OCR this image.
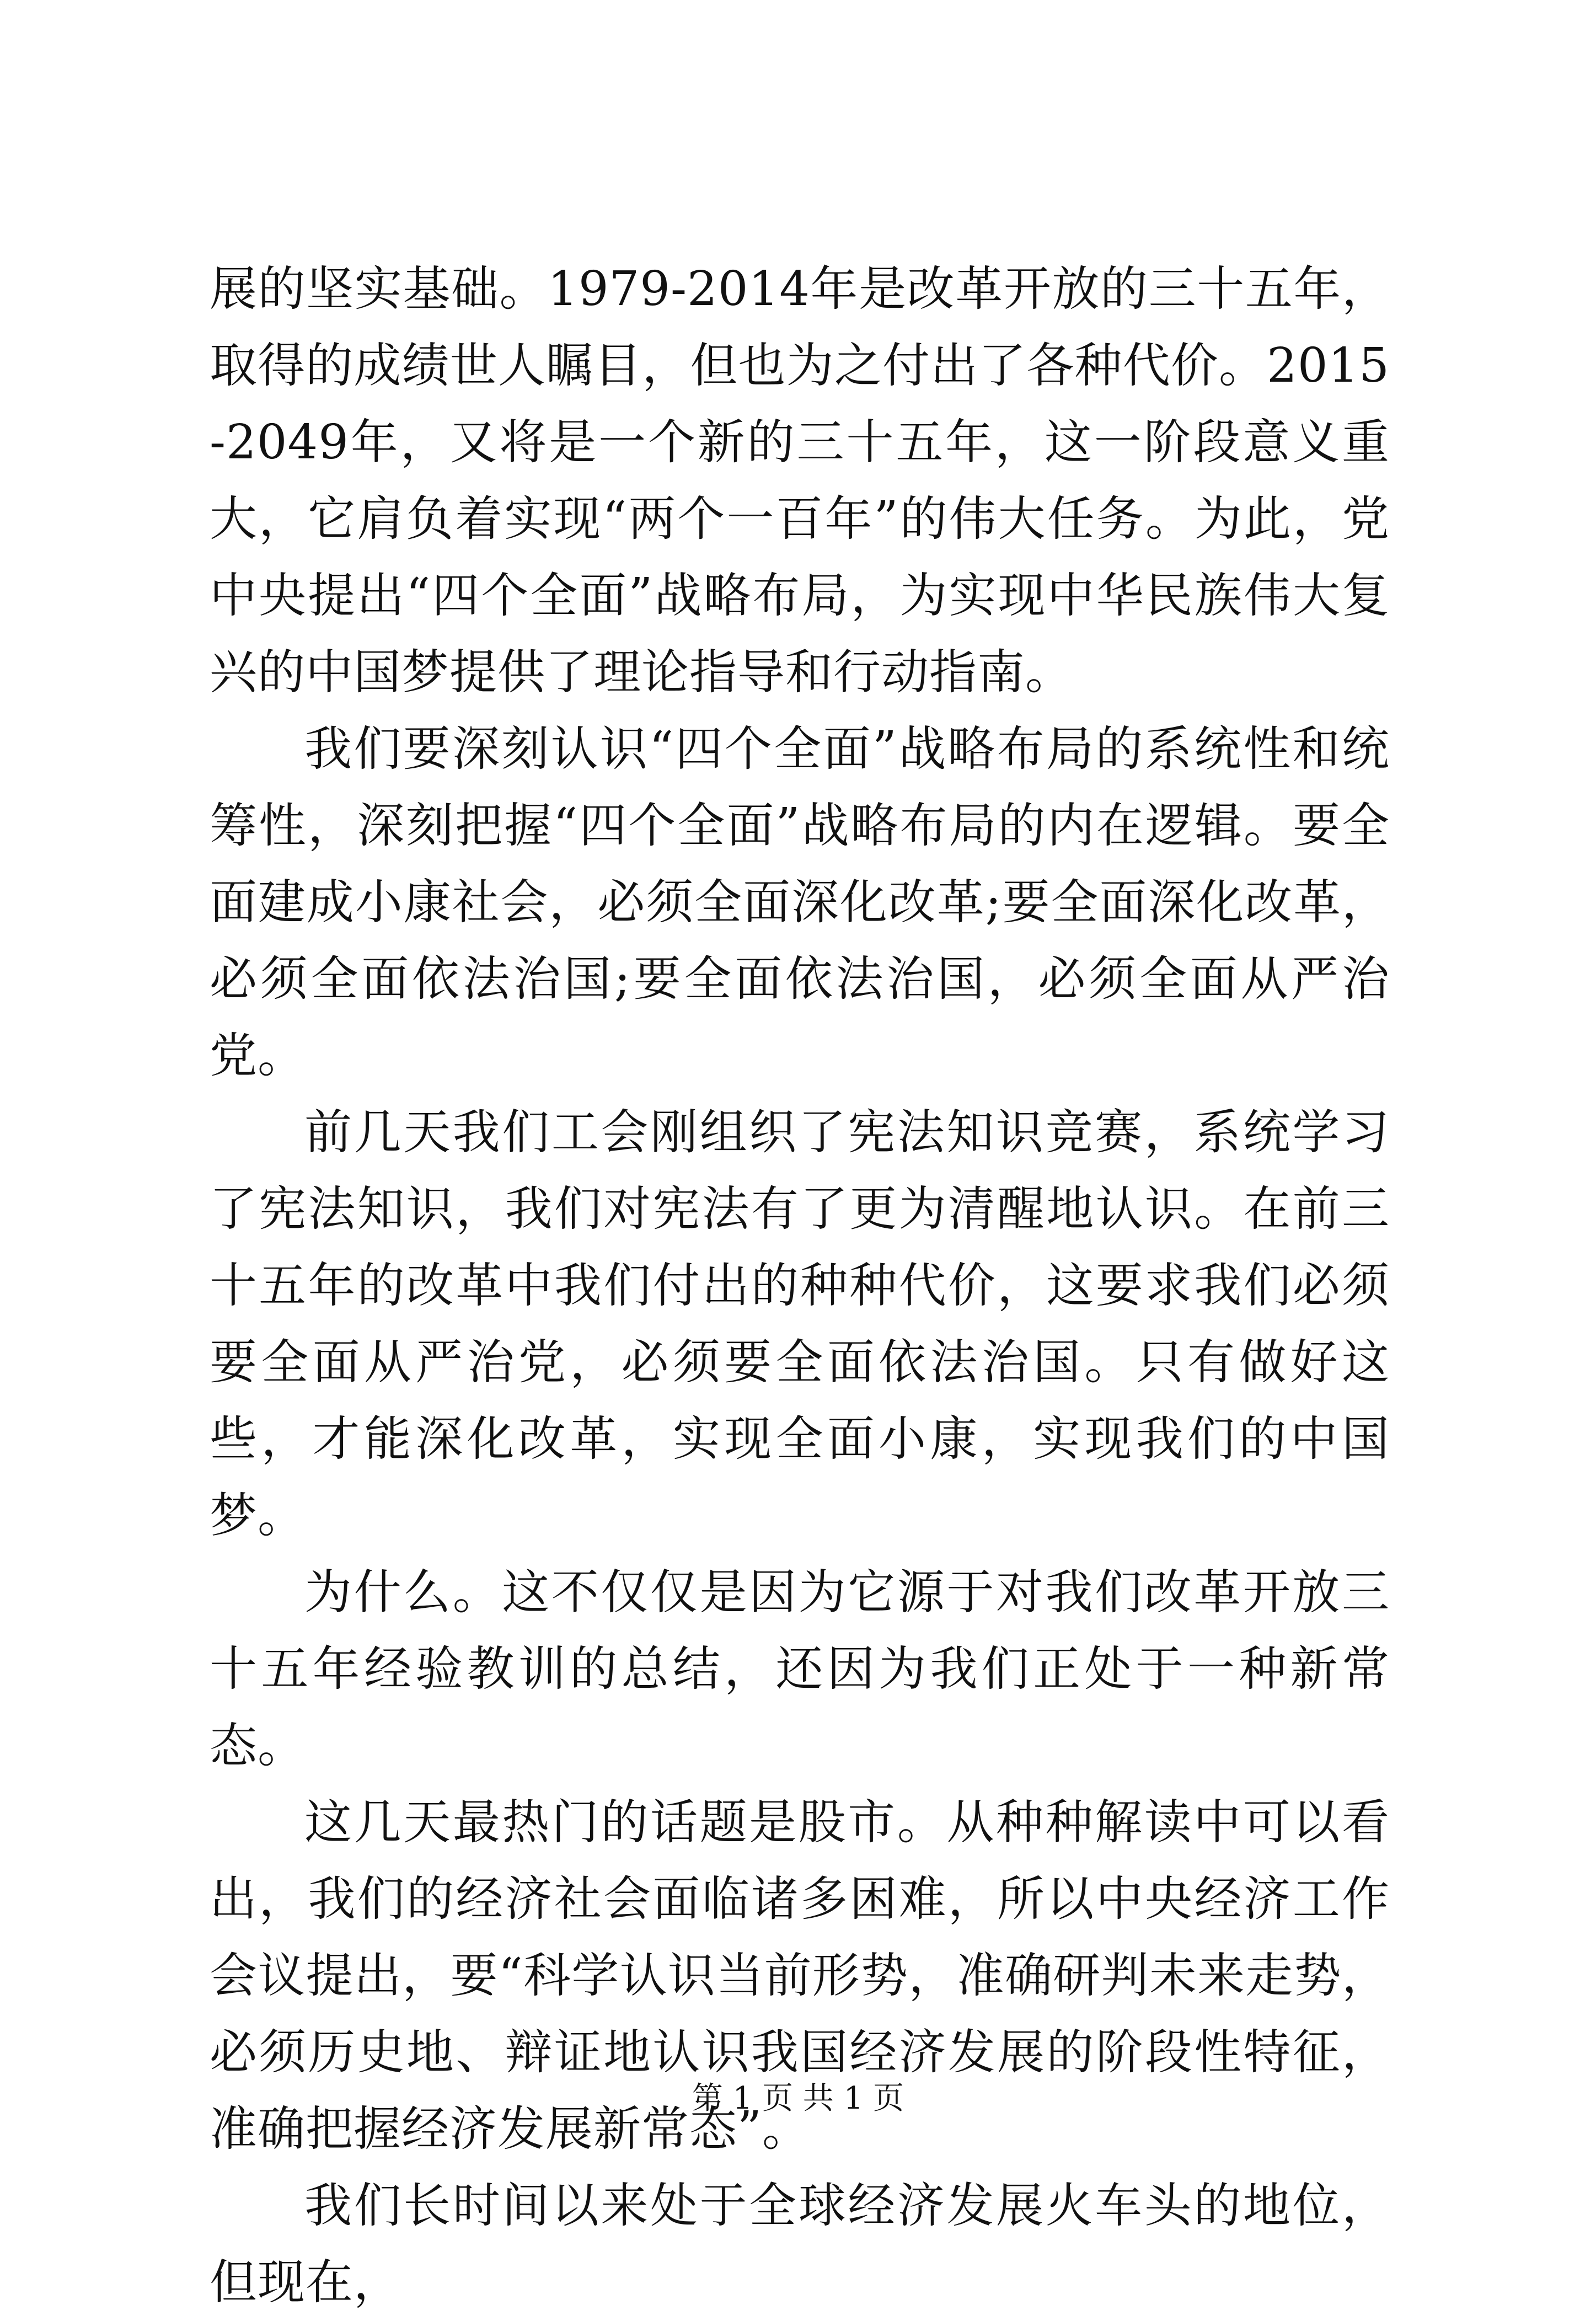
展的坚实基础。1979-2014年是改革开放的三十五年，取得的成绩世人瞩目，但也为之付出了各种代价。2015-2049年，又将是一个新的三十五年，这一阶段意义重大，它肩负着实现“两个一百年”的伟大任务。为此，党中央提出“四个全面”战略布局，为实现中华民族伟大复兴的中国梦提供了理论指导和行动指南。

我们要深刻认识“四个全面”战略布局的系统性和统筹性，深刻把握“四个全面”战略布局的内在逻辑。要全面建成小康社会，必须全面深化改革;要全面深化改革，必须全面依法治国;要全面依法治国，必须全面从严治党。

前几天我们工会刚组织了宪法知识竞赛，系统学习了宪法知识，我们对宪法有了更为清醒地认识。在前三十五年的改革中我们付出的种种代价，这要求我们必须要全面从严治党，必须要全面依法治国。只有做好这些，才能深化改革，实现全面小康，实现我们的中国梦。

为什么。这不仅仅是因为它源于对我们改革开放三十五年经验教训的总结，还因为我们正处于一种新常态。

这几天最热门的话题是股市。从种种解读中可以看出，我们的经济社会面临诸多困难，所以中央经济工作会议提出，要“科学认识当前形势，准确研判未来走势，必须历史地、辩证地认识我国经济发展的阶段性特征，准确把握经济发展新常态”。

我们长时间以来处于全球经济发展火车头的地位，但现在，

第 1 页 共 1 页
